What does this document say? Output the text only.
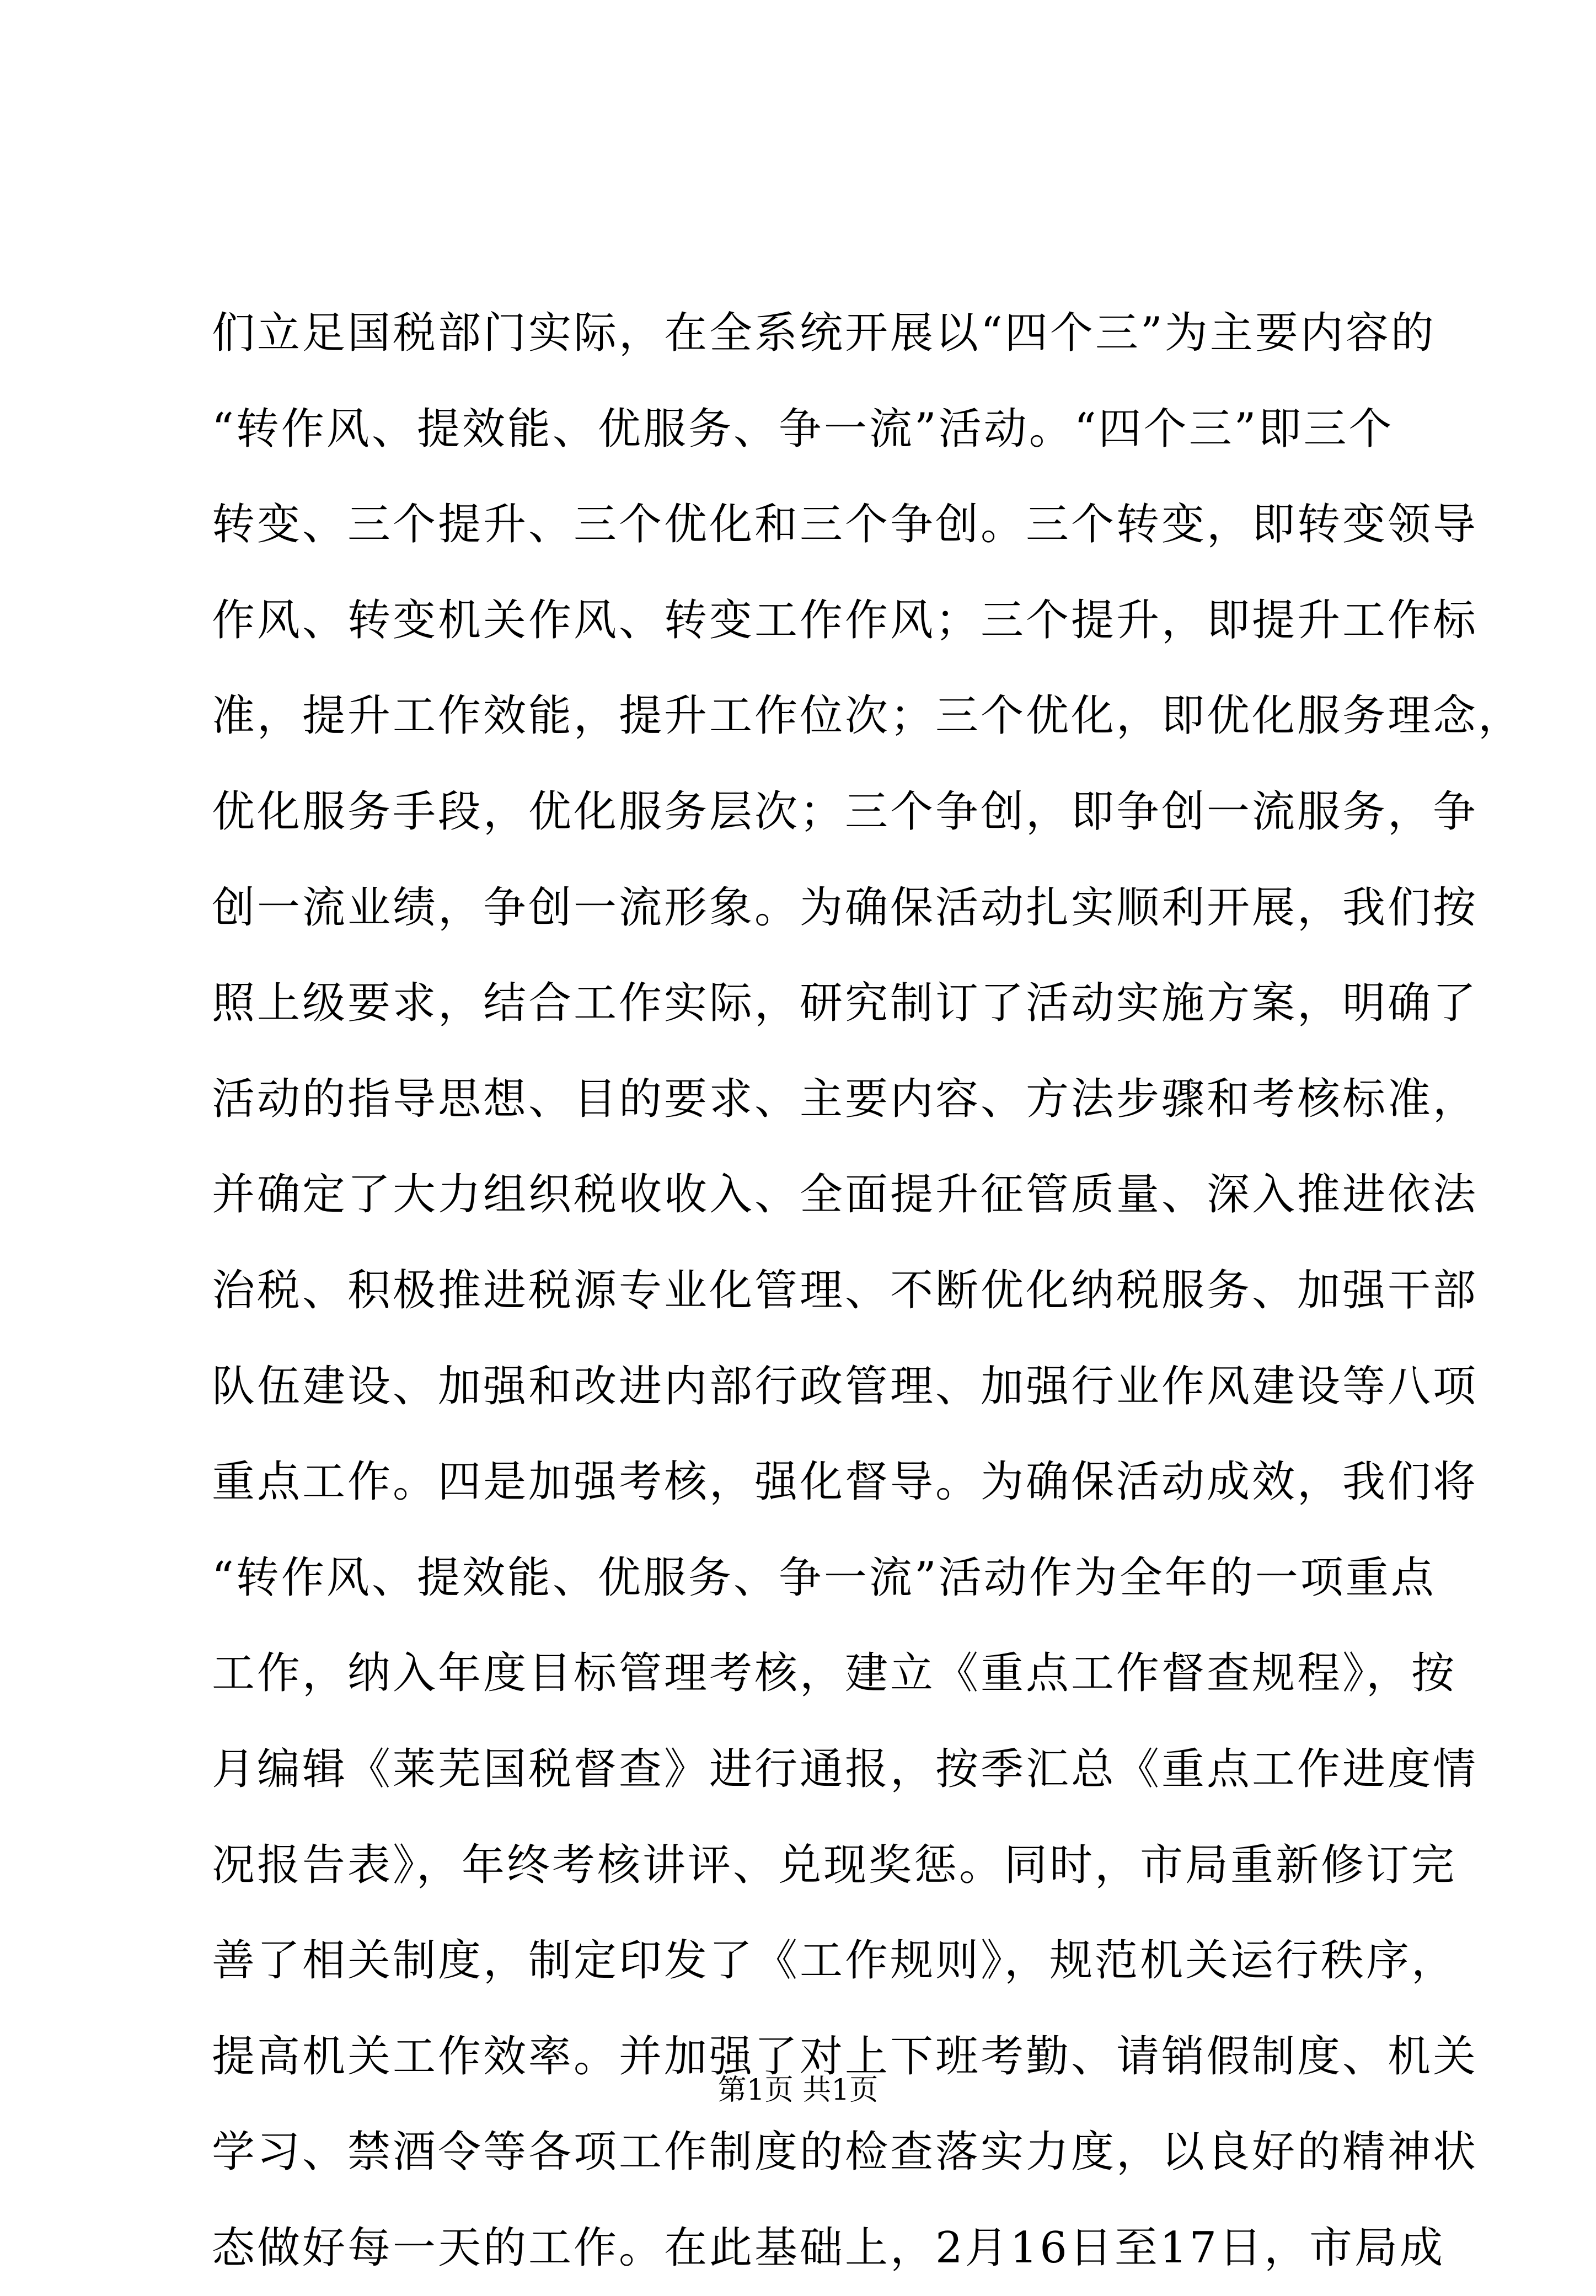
们立足国税部门实际，在全系统开展以“四个三”为主要内容的
“转作风、提效能、优服务、争一流”活动。“四个三”即三个
转变、三个提升、三个优化和三个争创。三个转变，即转变领导
作风、转变机关作风、转变工作作风；三个提升，即提升工作标
准，提升工作效能，提升工作位次；三个优化，即优化服务理念，
优化服务手段，优化服务层次；三个争创，即争创一流服务，争
创一流业绩，争创一流形象。为确保活动扎实顺利开展，我们按
照上级要求，结合工作实际，研究制订了活动实施方案，明确了
活动的指导思想、目的要求、主要内容、方法步骤和考核标准，
并确定了大力组织税收收入、全面提升征管质量、深入推进依法
治税、积极推进税源专业化管理、不断优化纳税服务、加强干部
队伍建设、加强和改进内部行政管理、加强行业作风建设等八项
重点工作。四是加强考核，强化督导。为确保活动成效，我们将
“转作风、提效能、优服务、争一流”活动作为全年的一项重点
工作，纳入年度目标管理考核，建立《重点工作督查规程》，按
月编辑《莱芜国税督查》进行通报，按季汇总《重点工作进度情
况报告表》，年终考核讲评、兑现奖惩。同时，市局重新修订完
善了相关制度，制定印发了《工作规则》，规范机关运行秩序，
提高机关工作效率。并加强了对上下班考勤、请销假制度、机关
学习、禁酒令等各项工作制度的检查落实力度，以良好的精神状
态做好每一天的工作。在此基础上，2月16日至17日，市局成
第1页 共1页
